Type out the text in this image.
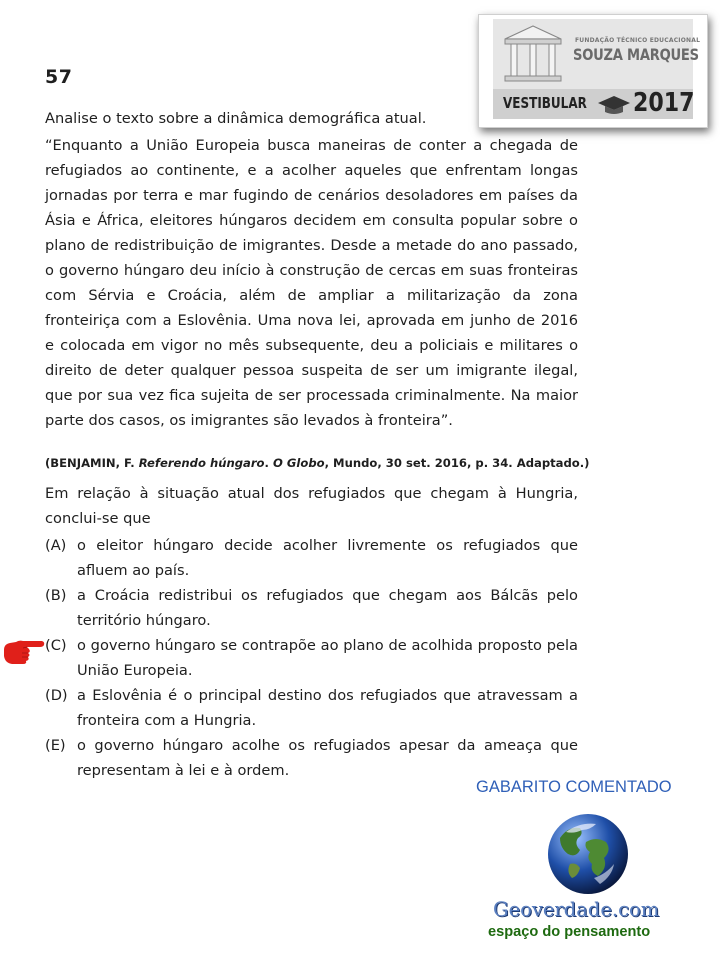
FUNDAÇÃO TÉCNICO EDUCACIONAL
SOUZA MARQUES
VESTIBULAR 2017
57
Analise o texto sobre a dinâmica demográfica atual.
“Enquanto a União Europeia busca maneiras de conter a chegada de refugiados ao continente, e a acolher aqueles que enfrentam longas jornadas por terra e mar fugindo de cenários desoladores em países da Ásia e África, eleitores húngaros decidem em consulta popular sobre o plano de redistribuição de imigrantes. Desde a metade do ano passado, o governo húngaro deu início à construção de cercas em suas fronteiras com Sérvia e Croácia, além de ampliar a militarização da zona fronteiriça com a Eslovênia. Uma nova lei, aprovada em junho de 2016 e colocada em vigor no mês subsequente, deu a policiais e militares o direito de deter qualquer pessoa suspeita de ser um imigrante ilegal, que por sua vez fica sujeita de ser processada criminalmente. Na maior parte dos casos, os imigrantes são levados à fronteira”.
(BENJAMIN, F. Referendo húngaro. O Globo, Mundo, 30 set. 2016, p. 34. Adaptado.)
Em relação à situação atual dos refugiados que chegam à Hungria, conclui-se que
(A) o eleitor húngaro decide acolher livremente os refugiados que afluem ao país.
(B) a Croácia redistribui os refugiados que chegam aos Bálcãs pelo território húngaro.
(C) o governo húngaro se contrapõe ao plano de acolhida proposto pela União Europeia.
(D) a Eslovênia é o principal destino dos refugiados que atravessam a fronteira com a Hungria.
(E) o governo húngaro acolhe os refugiados apesar da ameaça que representam à lei e à ordem.
GABARITO COMENTADO
Geoverdade.com
espaço do pensamento
